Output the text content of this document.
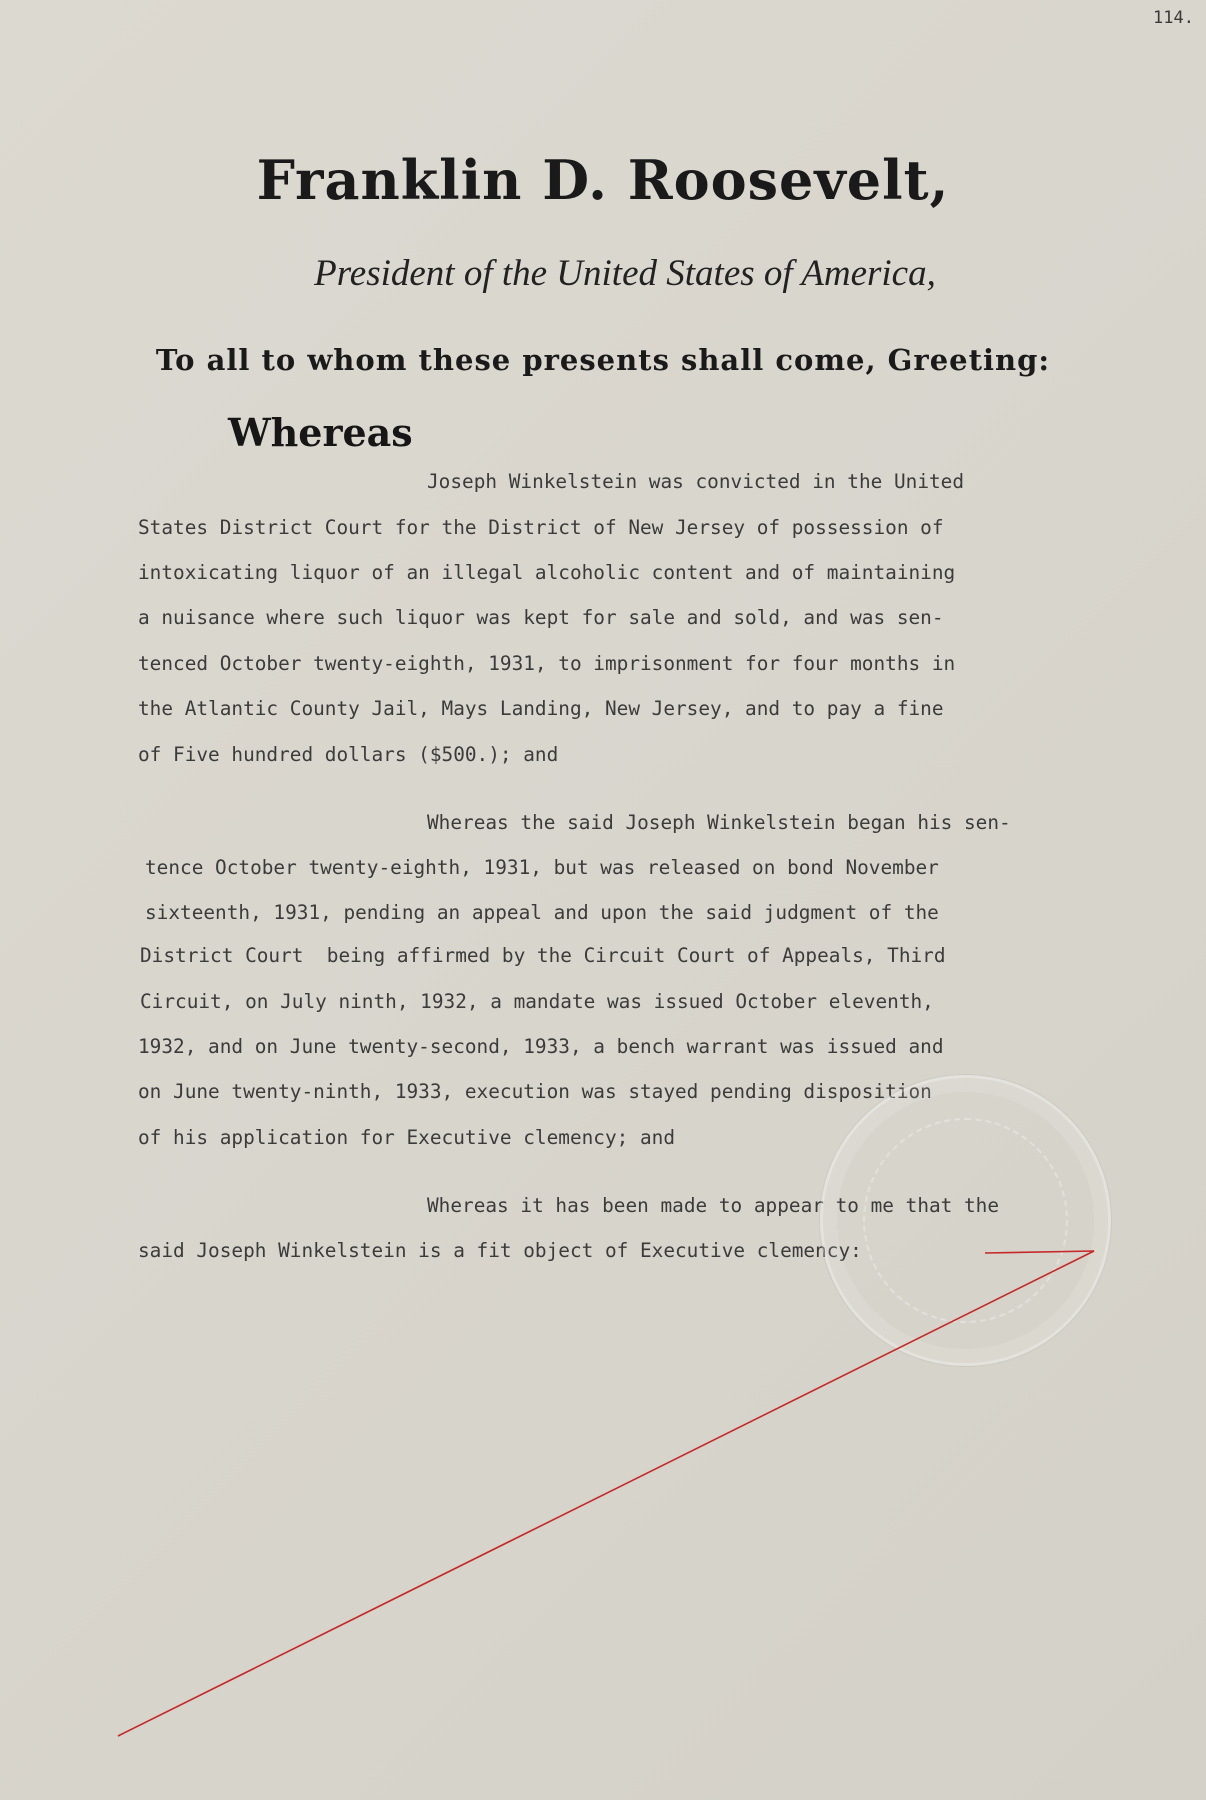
114.
Franklin D. Roosevelt,
President of the United States of America,
To all to whom these presents shall come, Greeting:
Whereas
Joseph Winkelstein was convicted in the United
States District Court for the District of New Jersey of possession of
intoxicating liquor of an illegal alcoholic content and of maintaining
a nuisance where such liquor was kept for sale and sold, and was sen-
tenced October twenty-eighth, 1931, to imprisonment for four months in
the Atlantic County Jail, Mays Landing, New Jersey, and to pay a fine
of Five hundred dollars ($500.); and
Whereas the said Joseph Winkelstein began his sen-
tence October twenty-eighth, 1931, but was released on bond November
sixteenth, 1931, pending an appeal and upon the said judgment of the
District Court  being affirmed by the Circuit Court of Appeals, Third
Circuit, on July ninth, 1932, a mandate was issued October eleventh,
1932, and on June twenty-second, 1933, a bench warrant was issued and
on June twenty-ninth, 1933, execution was stayed pending disposition
of his application for Executive clemency; and
Whereas it has been made to appear to me that the
said Joseph Winkelstein is a fit object of Executive clemency:
